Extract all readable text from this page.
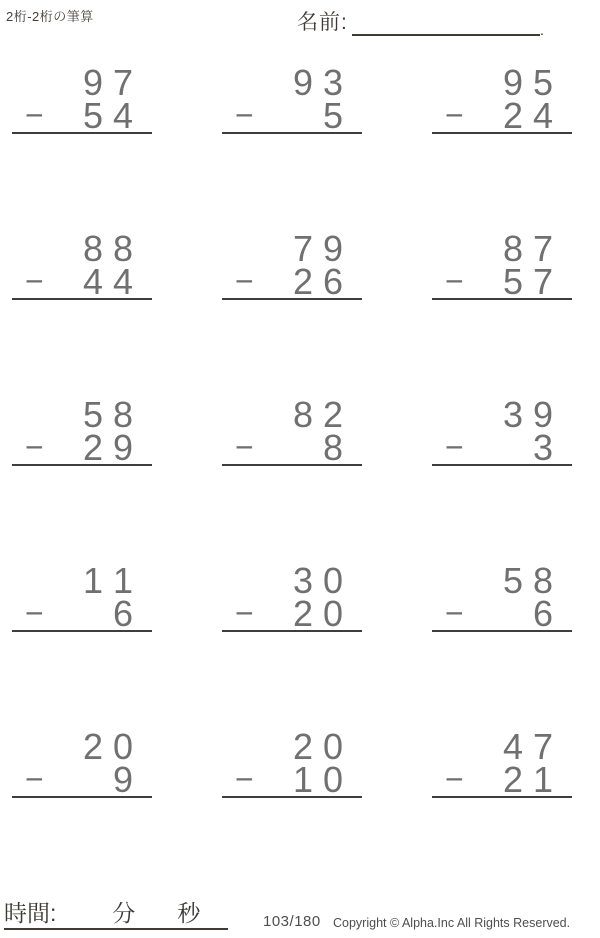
2桁-2桁の筆算	名前:	.
9 7
− 5 4
9 3
− 5
9 5
− 2 4
8 8
− 4 4
7 9
− 2 6
8 7
− 5 7
5 8
− 2 9
8 2
− 8
3 9
− 3
1 1
− 6
3 0
− 2 0
5 8
− 6
2 0
− 9
2 0
− 1 0
4 7
− 2 1
時間: 分 秒	103/180 Copyright © Alpha.Inc All Rights Reserved.
